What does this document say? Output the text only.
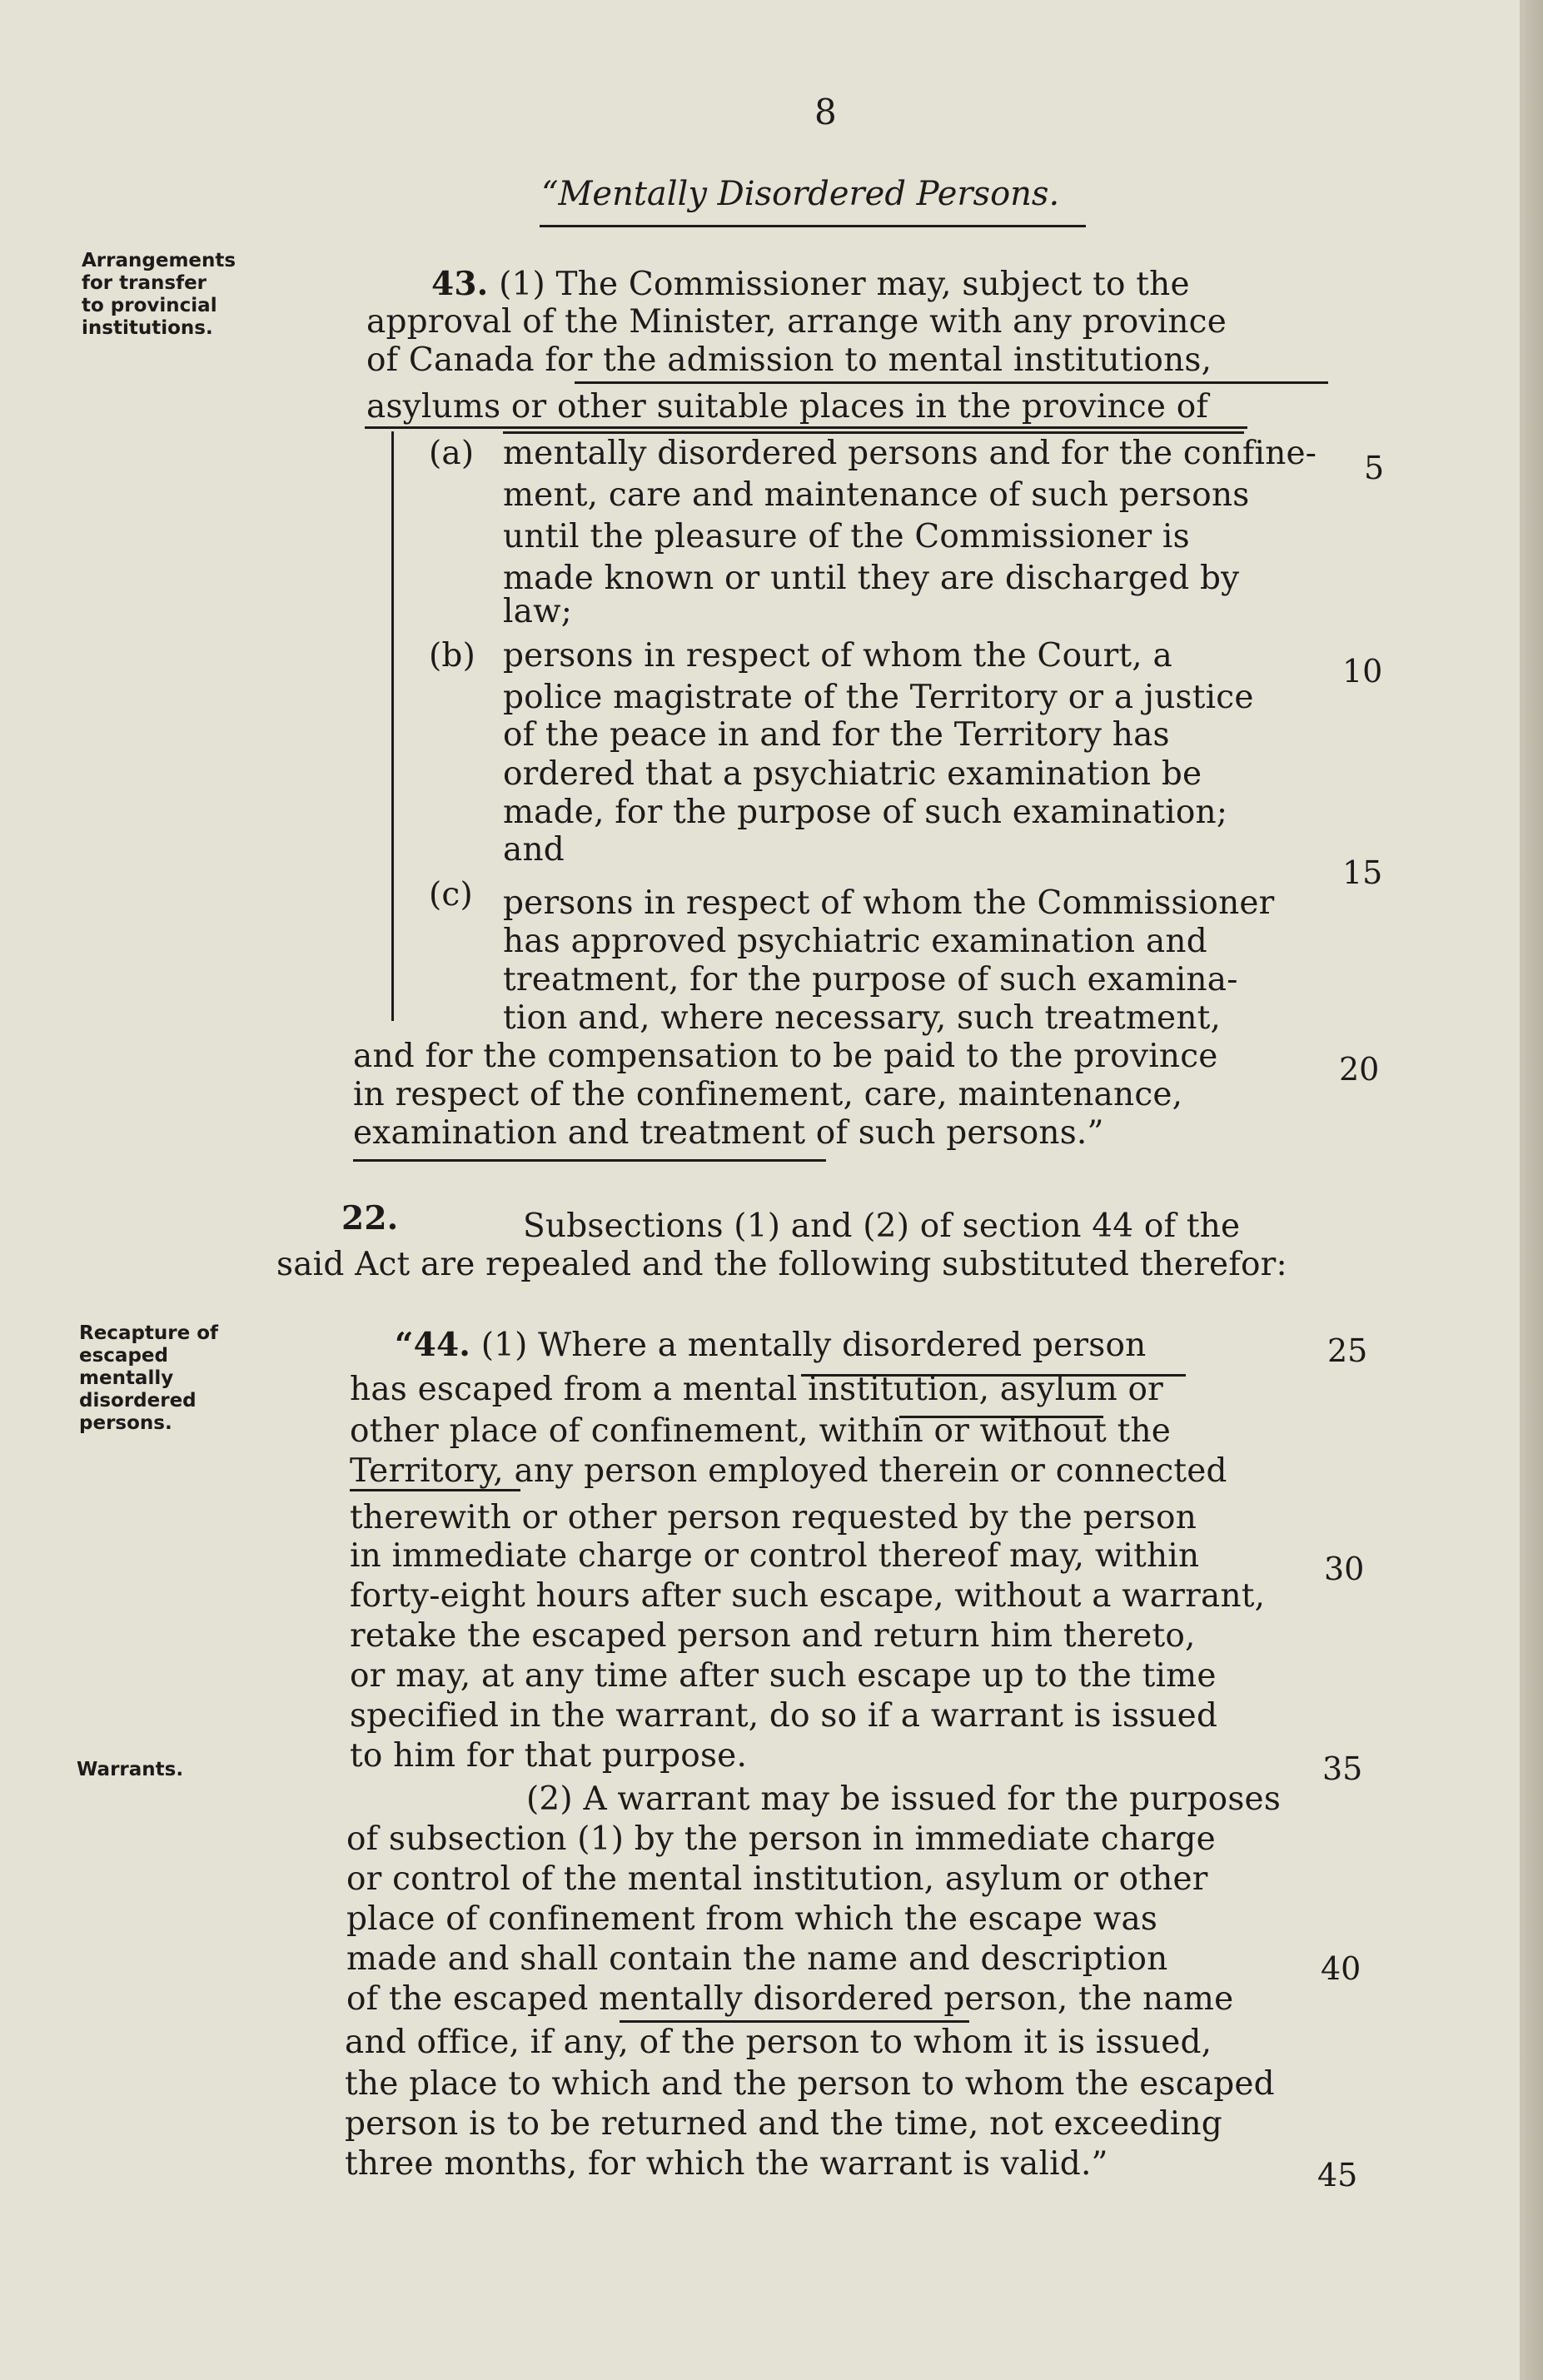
8
“Mentally Disordered Persons.
Arrangements
for transfer
to provincial
institutions.
Recapture of
escaped
mentally
disordered
persons.
Warrants.
43. (1) The Commissioner may, subject to the
approval of the Minister, arrange with any province
of Canada for the admission to mental institutions,
asylums or other suitable places in the province of
(a) mentally disordered persons and for the confine-
ment, care and maintenance of such persons
until the pleasure of the Commissioner is
made known or until they are discharged by
law;
(b) persons in respect of whom the Court, a
police magistrate of the Territory or a justice
of the peace in and for the Territory has
ordered that a psychiatric examination be
made, for the purpose of such examination;
and
(c) persons in respect of whom the Commissioner
has approved psychiatric examination and
treatment, for the purpose of such examina-
tion and, where necessary, such treatment,
and for the compensation to be paid to the province
in respect of the confinement, care, maintenance,
examination and treatment of such persons.”
22.	Subsections (1) and (2) of section 44 of the
said Act are repealed and the following substituted therefor:
“44. (1) Where a mentally disordered person
has escaped from a mental institution, asylum or
other place of confinement, within or without the
Territory, any person employed therein or connected
therewith or other person requested by the person
in immediate charge or control thereof may, within
forty-eight hours after such escape, without a warrant,
retake the escaped person and return him thereto,
or may, at any time after such escape up to the time
specified in the warrant, do so if a warrant is issued
to him for that purpose.
(2) A warrant may be issued for the purposes
of subsection (1) by the person in immediate charge
or control of the mental institution, asylum or other
place of confinement from which the escape was
made and shall contain the name and description
of the escaped mentally disordered person, the name
and office, if any, of the person to whom it is issued,
the place to which and the person to whom the escaped
person is to be returned and the time, not exceeding
three months, for which the warrant is valid.”
5
10
15
20
25
30
35
40
45
